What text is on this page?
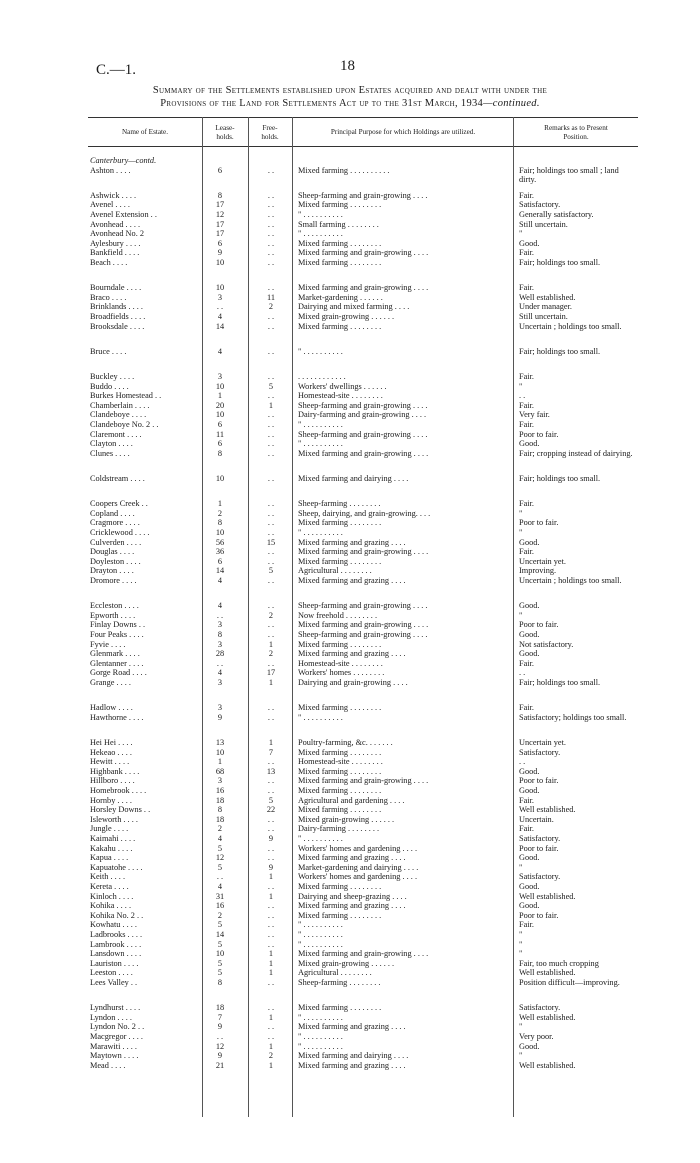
C.—1.	18
Summary of the Settlements established upon Estates acquired and dealt with under the
Provisions of the Land for Settlements Act up to the 31st March, 1934—continued.
Name of Estate.	Lease-
holds.
Free-
holds.
Principal Purpose for which Holdings are utilized.	Remarks as to Present
Position.
Canterbury—contd.
Ashton . . . .	6	. .	Mixed farming . . . . . . . . . .	Fair; holdings too small ; land dirty.
Ashwick . . . .	8	. .	Sheep-farming and grain-growing . . . .	Fair.
Avenel . . . .	17	. .	Mixed farming . . . . . . . .	Satisfactory.
Avenel Extension . .	12	. .	" . . . . . . . . . .	Generally satisfactory.
Avonhead . . . .	17	. .	Small farming . . . . . . . .	Still uncertain.
Avonhead No. 2	17	. .	" . . . . . . . . . .	"
Aylesbury . . . .	6	. .	Mixed farming . . . . . . . .	Good.
Bankfield . . . .	9	. .	Mixed farming and grain-growing . . . .	Fair.
Beach . . . .	10	. .	Mixed farming . . . . . . . .	Fair; holdings too small.
Bourndale . . . .	10	. .	Mixed farming and grain-growing . . . .	Fair.
Braco . . . .	3	11	Market-gardening . . . . . .	Well established.
Brinklands . . . .	. .	2	Dairying and mixed farming . . . .	Under manager.
Broadfields . . . .	4	. .	Mixed grain-growing . . . . . .	Still uncertain.
Brooksdale . . . .	14	. .	Mixed farming . . . . . . . .	Uncertain ; holdings too small.
Bruce . . . .	4	. .	" . . . . . . . . . .	Fair; holdings too small.
Buckley . . . .	3	. .	. . . . . . . . . . . .	Fair.
Buddo . . . .	10	5	Workers' dwellings . . . . . .	"
Burkes Homestead . .	1	. .	Homestead-site . . . . . . . .	. .
Chamberlain . . . .	20	1	Sheep-farming and grain-growing . . . .	Fair.
Clandeboye . . . .	10	. .	Dairy-farming and grain-growing . . . .	Very fair.
Clandeboye No. 2 . .	6	. .	" . . . . . . . . . .	Fair.
Claremont . . . .	11	. .	Sheep-farming and grain-growing . . . .	Poor to fair.
Clayton . . . .	6	. .	" . . . . . . . . . .	Good.
Clunes . . . .	8	. .	Mixed farming and grain-growing . . . .	Fair; cropping instead of dairying.
Coldstream . . . .	10	. .	Mixed farming and dairying . . . .	Fair; holdings too small.
Coopers Creek . .	1	. .	Sheep-farming . . . . . . . .	Fair.
Copland . . . .	2	. .	Sheep, dairying, and grain-growing. . . .	"
Cragmore . . . .	8	. .	Mixed farming . . . . . . . .	Poor to fair.
Cricklewood . . . .	10	. .	" . . . . . . . . . .	"
Culverden . . . .	56	15	Mixed farming and grazing . . . .	Good.
Douglas . . . .	36	. .	Mixed farming and grain-growing . . . .	Fair.
Doyleston . . . .	6	. .	Mixed farming . . . . . . . .	Uncertain yet.
Drayton . . . .	14	5	Agricultural . . . . . . . .	Improving.
Dromore . . . .	4	. .	Mixed farming and grazing . . . .	Uncertain ; holdings too small.
Eccleston . . . .	4	. .	Sheep-farming and grain-growing . . . .	Good.
Epworth . . . .	. .	2	Now freehold . . . . . . . .	"
Finlay Downs . .	3	. .	Mixed farming and grain-growing . . . .	Poor to fair.
Four Peaks . . . .	8	. .	Sheep-farming and grain-growing . . . .	Good.
Fyvie . . . .	3	1	Mixed farming . . . . . . . .	Not satisfactory.
Glenmark . . . .	28	2	Mixed farming and grazing . . . .	Good.
Glentanner . . . .	. .	. .	Homestead-site . . . . . . . .	Fair.
Gorge Road . . . .	4	17	Workers' homes . . . . . . . .	. .
Grange . . . .	3	1	Dairying and grain-growing . . . .	Fair; holdings too small.
Hadlow . . . .	3	. .	Mixed farming . . . . . . . .	Fair.
Hawthorne . . . .	9	. .	" . . . . . . . . . .	Satisfactory; holdings too small.
Hei Hei . . . .	13	1	Poultry-farming, &c. . . . . . .	Uncertain yet.
Hekeao . . . .	10	7	Mixed farming . . . . . . . .	Satisfactory.
Hewitt . . . .	1	. .	Homestead-site . . . . . . . .	. .
Highbank . . . .	68	13	Mixed farming . . . . . . . .	Good.
Hillboro . . . .	3	. .	Mixed farming and grain-growing . . . .	Poor to fair.
Homebrook . . . .	16	. .	Mixed farming . . . . . . . .	Good.
Hornby . . . .	18	5	Agricultural and gardening . . . .	Fair.
Horsley Downs . .	8	22	Mixed farming . . . . . . . .	Well established.
Isleworth . . . .	18	. .	Mixed grain-growing . . . . . .	Uncertain.
Jungle . . . .	2	. .	Dairy-farming . . . . . . . .	Fair.
Kaimahi . . . .	4	9	" . . . . . . . . . .	Satisfactory.
Kakahu . . . .	5	. .	Workers' homes and gardening . . . .	Poor to fair.
Kapua . . . .	12	. .	Mixed farming and grazing . . . .	Good.
Kapuatohe . . . .	5	9	Market-gardening and dairying . . . .	"
Keith . . . .	. .	1	Workers' homes and gardening . . . .	Satisfactory.
Kereta . . . .	4	. .	Mixed farming . . . . . . . .	Good.
Kinloch . . . .	31	1	Dairying and sheep-grazing . . . .	Well established.
Kohika . . . .	16	. .	Mixed farming and grazing . . . .	Good.
Kohika No. 2 . .	2	. .	Mixed farming . . . . . . . .	Poor to fair.
Kowhatu . . . .	5	. .	" . . . . . . . . . .	Fair.
Ladbrooks . . . .	14	. .	" . . . . . . . . . .	"
Lambrook . . . .	5	. .	" . . . . . . . . . .	"
Lansdown . . . .	10	1	Mixed farming and grain-growing . . . .	"
Lauriston . . . .	5	1	Mixed grain-growing . . . . . .	Fair, too much cropping
Leeston . . . .	5	1	Agricultural . . . . . . . .	Well established.
Lees Valley . .	8	. .	Sheep-farming . . . . . . . .	Position difficult—improving.
Lyndhurst . . . .	18	. .	Mixed farming . . . . . . . .	Satisfactory.
Lyndon . . . .	7	1	" . . . . . . . . . .	Well established.
Lyndon No. 2 . .	9	. .	Mixed farming and grazing . . . .	"
Macgregor . . . .	. .	. .	" . . . . . . . . . .	Very poor.
Marawiti . . . .	12	1	" . . . . . . . . . .	Good.
Maytown . . . .	9	2	Mixed farming and dairying . . . .	"
Mead . . . .	21	1	Mixed farming and grazing . . . .	Well established.
